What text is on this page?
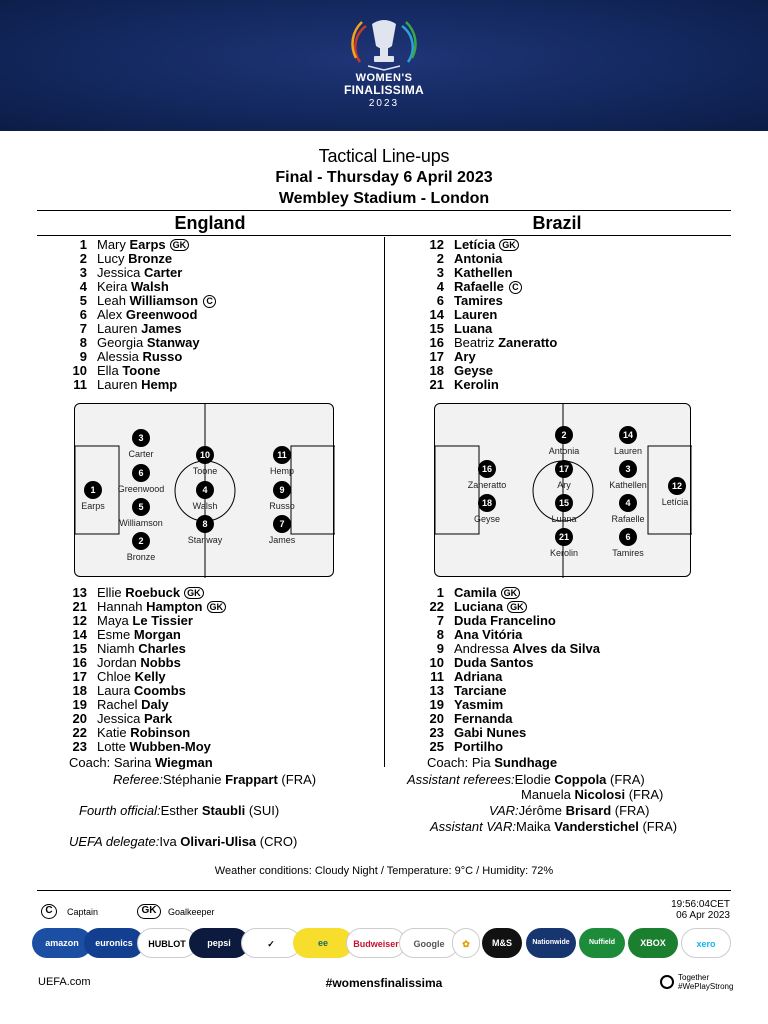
WOMEN'S
FINALISSIMA
2023
Tactical Line-ups
Final - Thursday 6 April 2023
Wembley Stadium - London
England	Brazil
1 Mary Earps GK
2 Lucy Bronze
3 Jessica Carter
4 Keira Walsh
5 Leah Williamson C
6 Alex Greenwood
7 Lauren James
8 Georgia Stanway
9 Alessia Russo
10 Ella Toone
11 Lauren Hemp
12 Letícia GK
2 Antonia
3 Kathellen
4 Rafaelle C
6 Tamires
14 Lauren
15 Luana
16 Beatriz Zaneratto
17 Ary
18 Geyse
21 Kerolin
3
Carter
6
Greenwood
1
Earps	5
Williamson
2
Bronze
10
Toone
4
Walsh
8
Stanway
11
Hemp
9
Russo
7
James
2
Antonia
14
Lauren
16
Zaneratto
17
Ary
3
Kathellen	12
Letícia
18
Geyse
15
Luana
4
Rafaelle
21
Kerolin
6
Tamires
13 Ellie Roebuck GK
21 Hannah Hampton GK
12 Maya Le Tissier
14 Esme Morgan
15 Niamh Charles
16 Jordan Nobbs
17 Chloe Kelly
18 Laura Coombs
19 Rachel Daly
20 Jessica Park
22 Katie Robinson
23 Lotte Wubben-Moy
1 Camila GK
22 Luciana GK
7 Duda Francelino
8 Ana Vitória
9 Andressa Alves da Silva
10 Duda Santos
11 Adriana
13 Tarciane
19 Yasmim
20 Fernanda
23 Gabi Nunes
25 Portilho
Coach: Sarina Wiegman	Coach: Pia Sundhage
Referee:Stéphanie Frappart (FRA)
Fourth official:Esther Staubli (SUI)
UEFA delegate:Iva Olivari-Ulisa (CRO)
Assistant referees:Elodie Coppola (FRA)
Manuela Nicolosi (FRA)
VAR:Jérôme Brisard (FRA)
Assistant VAR:Maika Vanderstichel (FRA)
Weather conditions: Cloudy Night / Temperature: 9°C / Humidity: 72%
C	Captain	GK	Goalkeeper
19:56:04CET
06 Apr 2023
amazon	euronics	HUBLOT	pepsi	✓	ee	Budweiser	Google	✿	M&S	Nationwide	Nuffield	XBOX	xero
UEFA.com	#womensfinalissima	Together
#WePlayStrong
